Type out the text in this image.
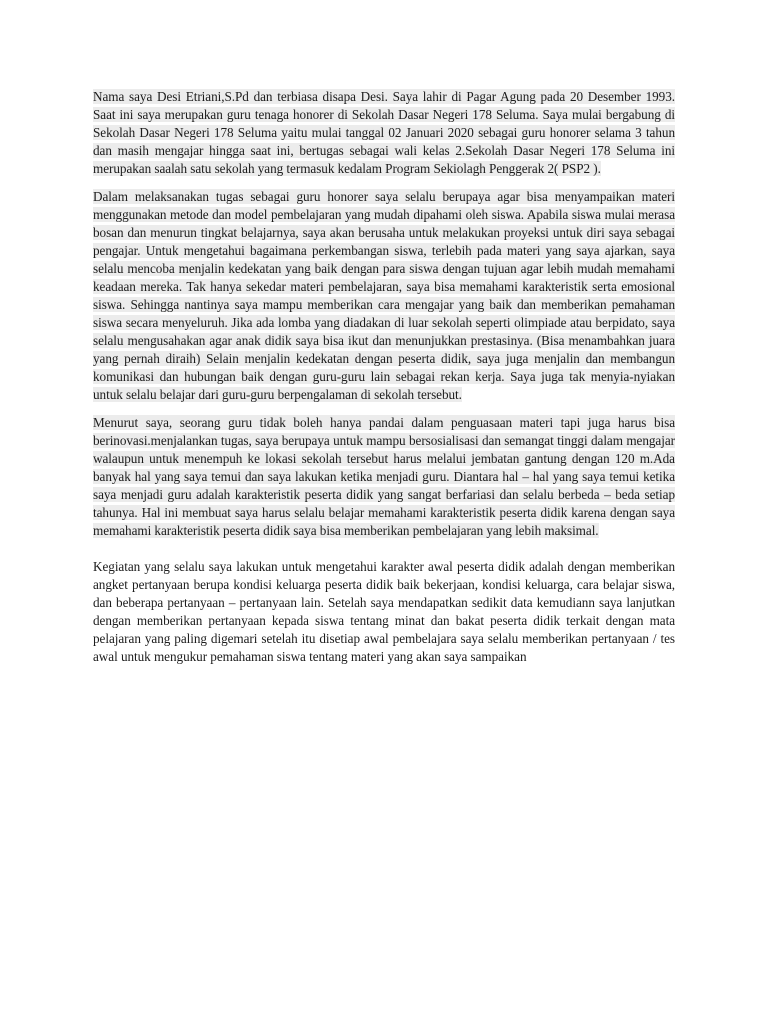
Nama saya Desi Etriani,S.Pd dan terbiasa disapa Desi. Saya lahir di Pagar Agung pada 20 Desember 1993. Saat ini saya merupakan guru tenaga honorer di Sekolah Dasar Negeri 178 Seluma. Saya mulai bergabung di Sekolah Dasar Negeri 178 Seluma yaitu mulai tanggal 02 Januari 2020 sebagai guru honorer selama 3 tahun dan masih mengajar hingga saat ini, bertugas sebagai wali kelas 2.Sekolah Dasar Negeri 178 Seluma ini merupakan saalah satu sekolah yang termasuk kedalam Program Sekiolagh Penggerak 2( PSP2 ).

Dalam melaksanakan tugas sebagai guru honorer saya selalu berupaya agar bisa menyampaikan materi menggunakan metode dan model pembelajaran yang mudah dipahami oleh siswa. Apabila siswa mulai merasa bosan dan menurun tingkat belajarnya, saya akan berusaha untuk melakukan proyeksi untuk diri saya sebagai pengajar. Untuk mengetahui bagaimana perkembangan siswa, terlebih pada materi yang saya ajarkan, saya selalu mencoba menjalin kedekatan yang baik dengan para siswa dengan tujuan agar lebih mudah memahami keadaan mereka. Tak hanya sekedar materi pembelajaran, saya bisa memahami karakteristik serta emosional siswa. Sehingga nantinya saya mampu memberikan cara mengajar yang baik dan memberikan pemahaman siswa secara menyeluruh. Jika ada lomba yang diadakan di luar sekolah seperti olimpiade atau berpidato, saya selalu mengusahakan agar anak didik saya bisa ikut dan menunjukkan prestasinya. (Bisa menambahkan juara yang pernah diraih) Selain menjalin kedekatan dengan peserta didik, saya juga menjalin dan membangun komunikasi dan hubungan baik dengan guru-guru lain sebagai rekan kerja. Saya juga tak menyia-nyiakan untuk selalu belajar dari guru-guru berpengalaman di sekolah tersebut.

Menurut saya, seorang guru tidak boleh hanya pandai dalam penguasaan materi tapi juga harus bisa berinovasi.menjalankan tugas, saya berupaya untuk mampu bersosialisasi dan semangat tinggi dalam mengajar walaupun untuk menempuh ke lokasi sekolah tersebut harus melalui jembatan gantung dengan 120 m.Ada banyak hal yang saya temui dan saya lakukan ketika menjadi guru. Diantara hal – hal yang saya temui ketika saya menjadi guru adalah karakteristik peserta didik yang sangat berfariasi dan selalu berbeda – beda setiap tahunya. Hal ini membuat saya harus selalu belajar memahami karakteristik peserta didik karena dengan saya memahami karakteristik peserta didik saya bisa memberikan pembelajaran yang lebih maksimal.

Kegiatan yang selalu saya lakukan untuk mengetahui karakter awal peserta didik adalah dengan memberikan angket pertanyaan berupa kondisi keluarga peserta didik baik bekerjaan, kondisi keluarga, cara belajar siswa, dan beberapa pertanyaan – pertanyaan lain. Setelah saya mendapatkan sedikit data kemudiann saya lanjutkan dengan memberikan pertanyaan kepada siswa tentang minat dan bakat peserta didik terkait dengan mata pelajaran yang paling digemari setelah itu disetiap awal pembelajara saya selalu memberikan pertanyaan / tes awal untuk mengukur pemahaman siswa tentang materi yang akan saya sampaikan
